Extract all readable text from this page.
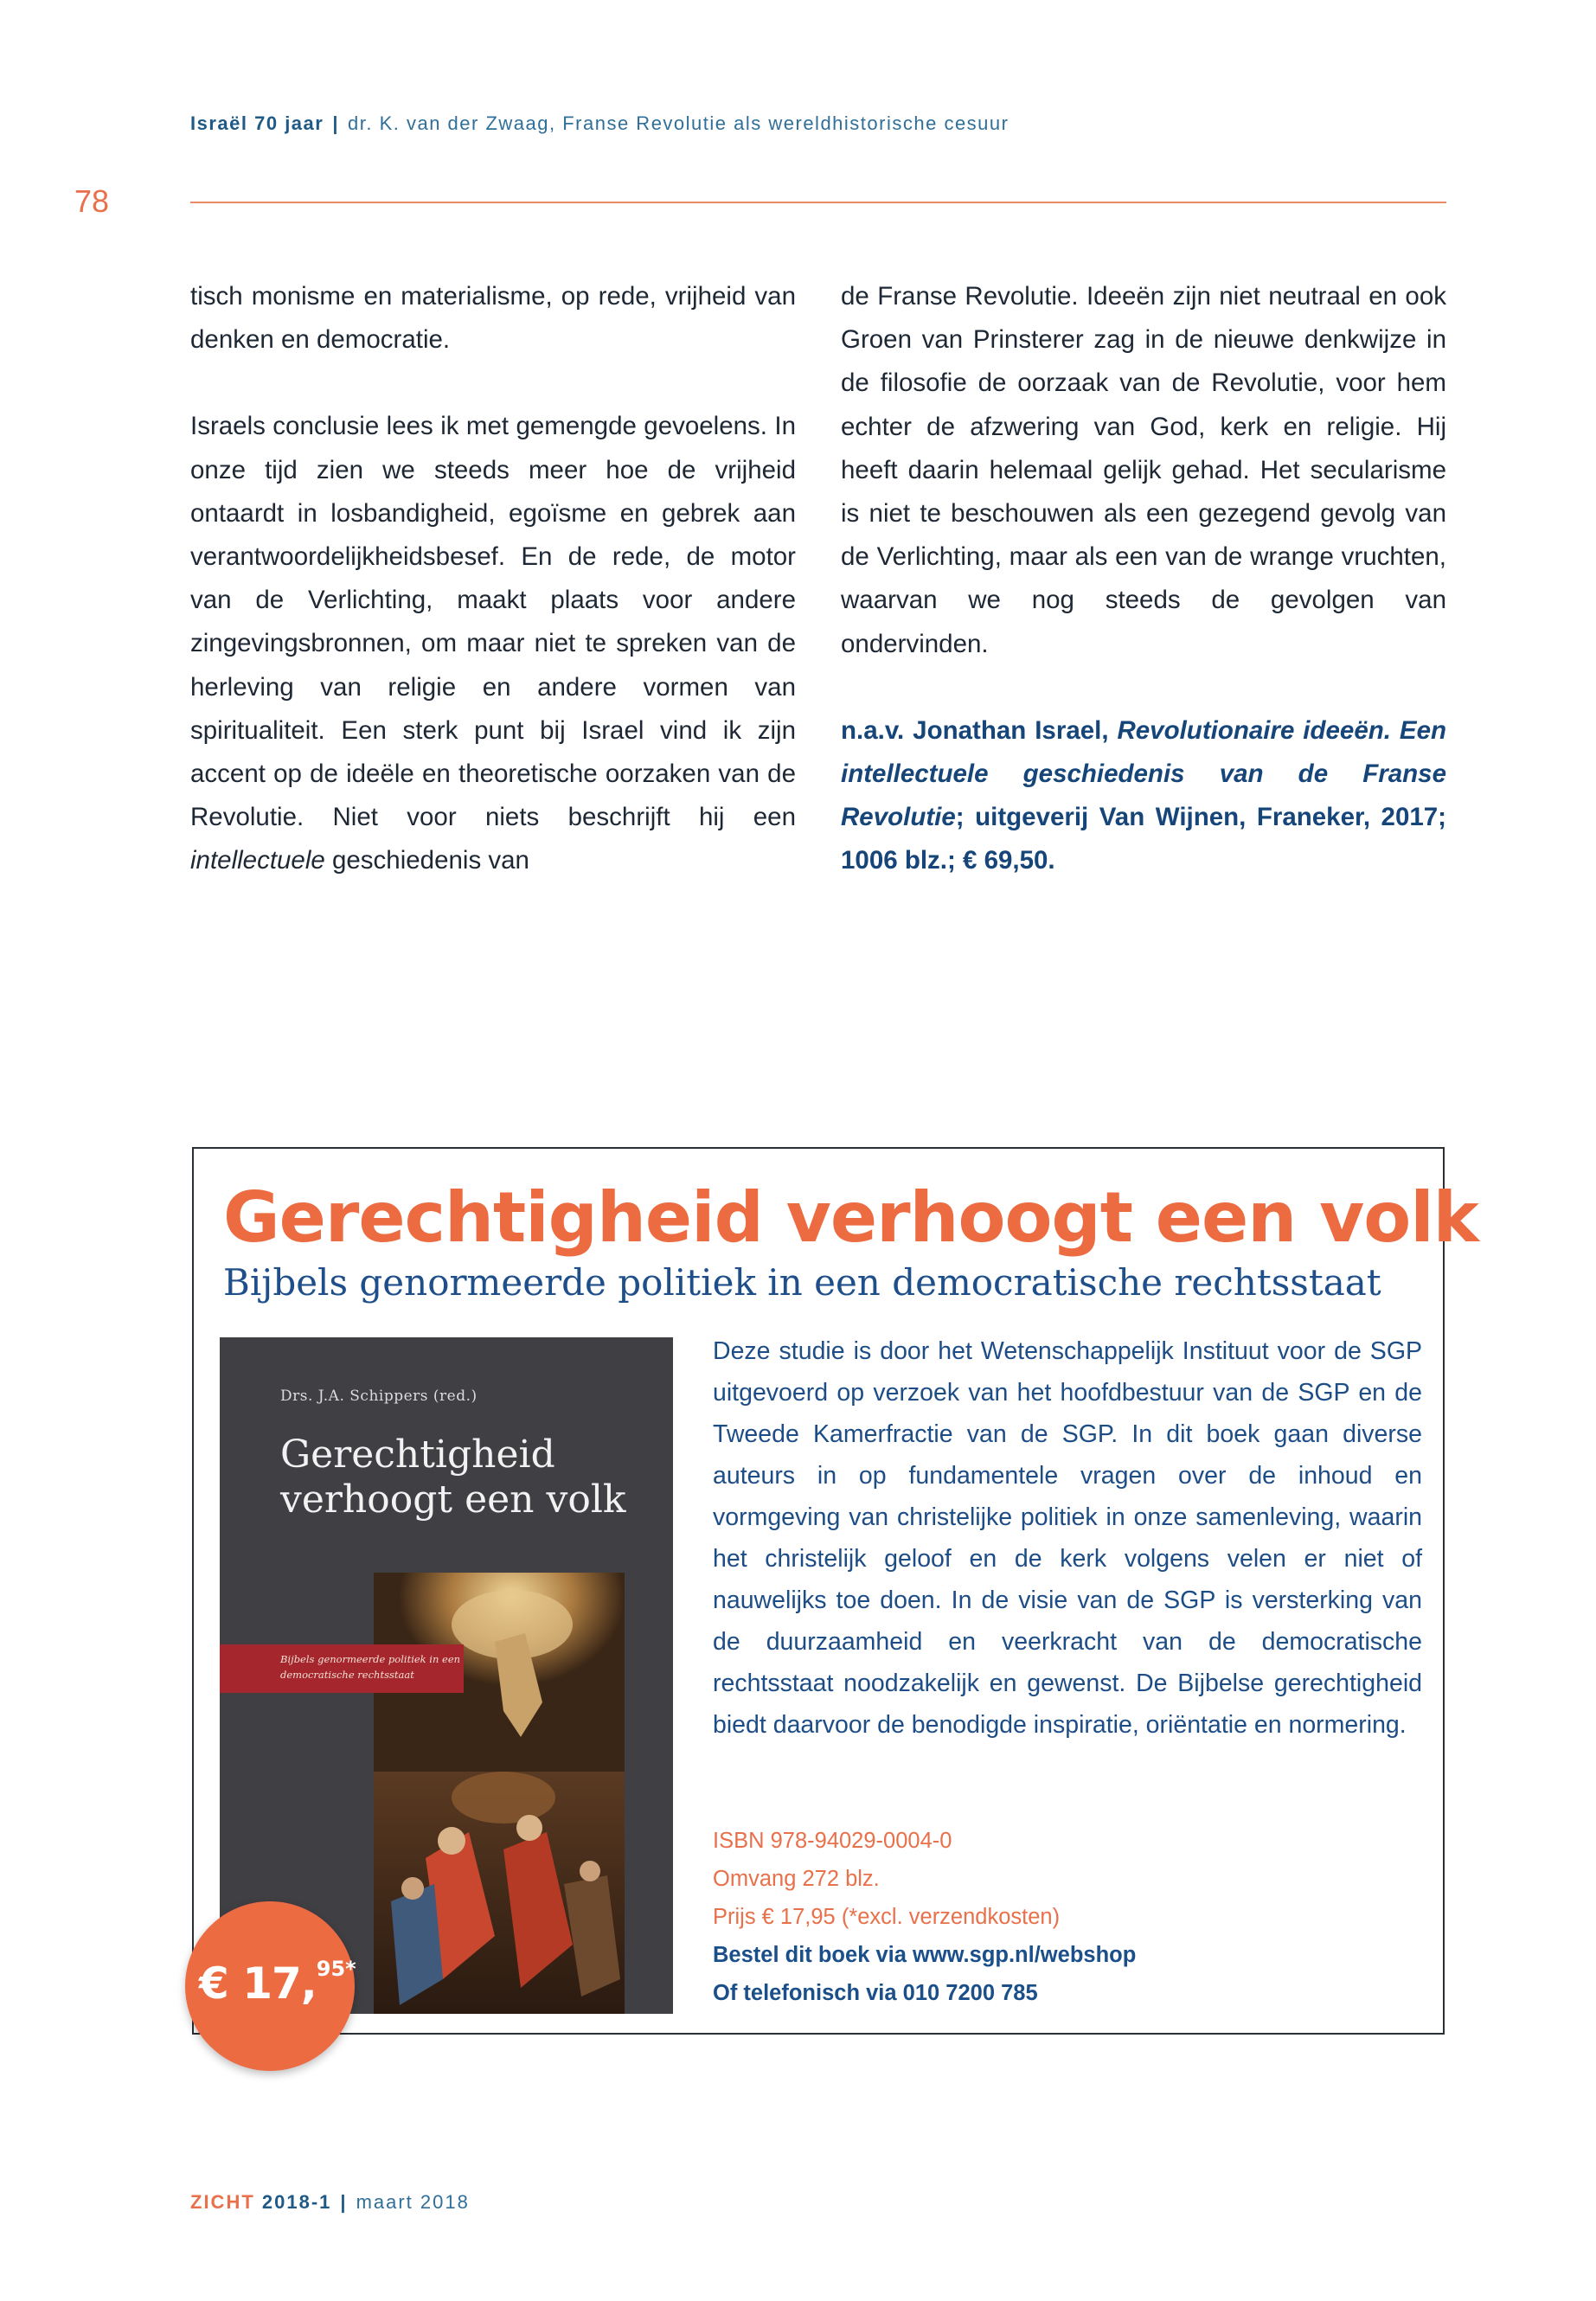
Israël 70 jaar | dr. K. van der Zwaag, Franse Revolutie als wereldhistorische cesuur
78

tisch monisme en materialisme, op rede, vrijheid van denken en democratie.

Israels conclusie lees ik met gemengde gevoelens. In onze tijd zien we steeds meer hoe de vrijheid ontaardt in losbandigheid, egoïsme en gebrek aan verantwoordelijkheidsbesef. En de rede, de motor van de Verlichting, maakt plaats voor andere zingevingsbronnen, om maar niet te spreken van de herleving van religie en andere vormen van spiritualiteit. Een sterk punt bij Israel vind ik zijn accent op de ideële en theoretische oorzaken van de Revolutie. Niet voor niets beschrijft hij een intellectuele geschiedenis van

de Franse Revolutie. Ideeën zijn niet neutraal en ook Groen van Prinsterer zag in de nieuwe denkwijze in de filosofie de oorzaak van de Revolutie, voor hem echter de afzwering van God, kerk en religie. Hij heeft daarin helemaal gelijk gehad. Het secularisme is niet te beschouwen als een gezegend gevolg van de Verlichting, maar als een van de wrange vruchten, waarvan we nog steeds de gevolgen van ondervinden.

n.a.v. Jonathan Israel, Revolutionaire ideeën. Een intellectuele geschiedenis van de Franse Revolutie; uitgeverij Van Wijnen, Franeker, 2017; 1006 blz.; € 69,50.

Gerechtigheid verhoogt een volk
Bijbels genormeerde politiek in een democratische rechtsstaat
Drs. J.A. Schippers (red.)
Gerechtigheid verhoogt een volk
Bijbels genormeerde politiek in een democratische rechtsstaat
€ 17,$^{95*}$
Deze studie is door het Wetenschappelijk Instituut voor de SGP uitgevoerd op verzoek van het hoofdbestuur van de SGP en de Tweede Kamerfractie van de SGP. In dit boek gaan diverse auteurs in op fundamentele vragen over de inhoud en vormgeving van christelijke politiek in onze samenleving, waarin het christelijk geloof en de kerk volgens velen er niet of nauwelijks toe doen. In de visie van de SGP is versterking van de duurzaamheid en veerkracht van de democratische rechtsstaat noodzakelijk en gewenst. De Bijbelse gerechtigheid biedt daarvoor de benodigde inspiratie, oriëntatie en normering.
ISBN 978-94029-0004-0
Omvang 272 blz.
Prijs € 17,95 (*excl. verzendkosten)
Bestel dit boek via www.sgp.nl/webshop
Of telefonisch via 010 7200 785
ZICHT 2018-1 | maart 2018
